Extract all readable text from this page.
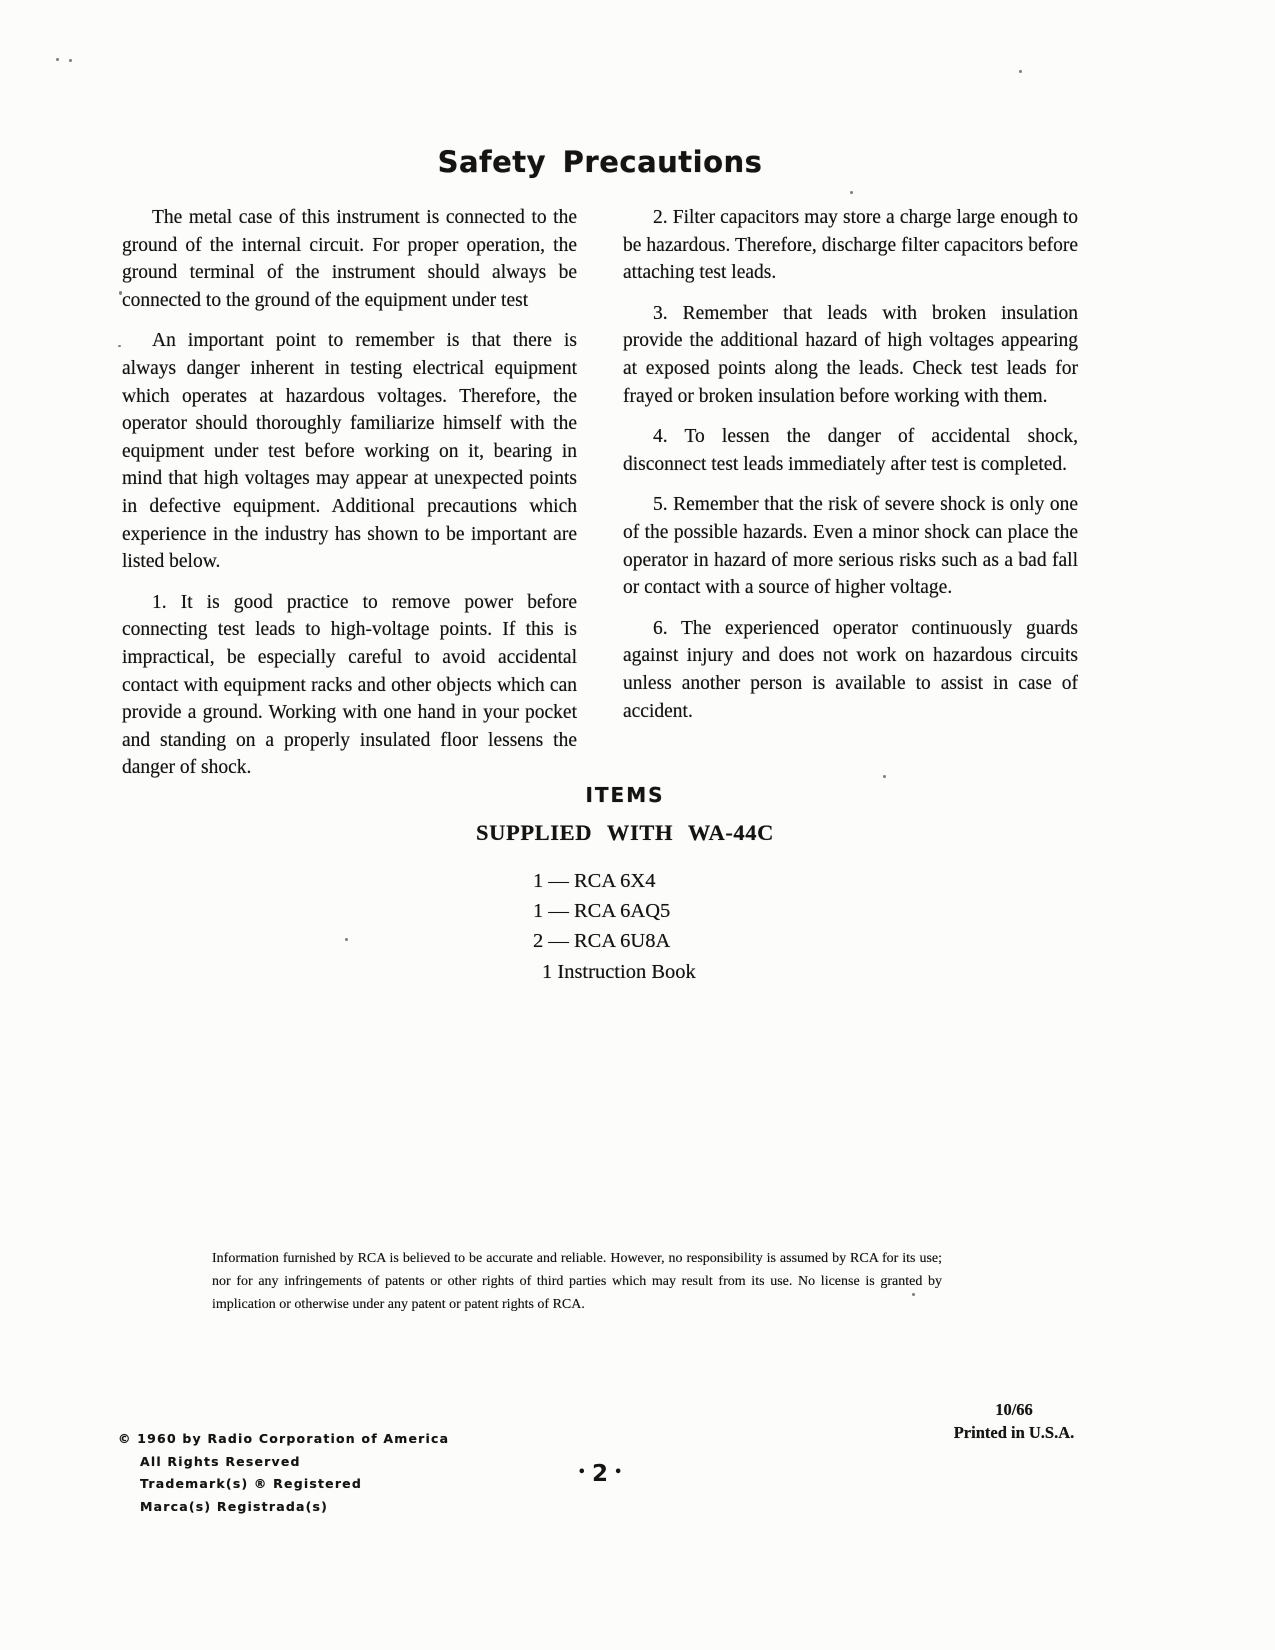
Safety Precautions

The metal case of this instrument is connected to the ground of the internal circuit. For proper operation, the ground terminal of the instrument should always be connected to the ground of the equipment under test

An important point to remember is that there is always danger inherent in testing electrical equipment which operates at hazardous voltages. Therefore, the operator should thoroughly familiarize himself with the equipment under test before working on it, bearing in mind that high voltages may appear at unexpected points in defective equipment. Additional precautions which experience in the industry has shown to be important are listed below.

1. It is good practice to remove power before connecting test leads to high-voltage points. If this is impractical, be especially careful to avoid accidental contact with equipment racks and other objects which can provide a ground. Working with one hand in your pocket and standing on a properly insulated floor lessens the danger of shock.

2. Filter capacitors may store a charge large enough to be hazardous. Therefore, discharge filter capacitors before attaching test leads.

3. Remember that leads with broken insulation provide the additional hazard of high voltages appearing at exposed points along the leads. Check test leads for frayed or broken insulation before working with them.

4. To lessen the danger of accidental shock, disconnect test leads immediately after test is completed.

5. Remember that the risk of severe shock is only one of the possible hazards. Even a minor shock can place the operator in hazard of more serious risks such as a bad fall or contact with a source of higher voltage.

6. The experienced operator continuously guards against injury and does not work on hazardous circuits unless another person is available to assist in case of accident.

ITEMS
SUPPLIED WITH WA-44C
1 — RCA 6X4
1 — RCA 6AQ5
2 — RCA 6U8A
1 Instruction Book
Information furnished by RCA is believed to be accurate and reliable. However, no responsibility is assumed by RCA for its use; nor for any infringements of patents or other rights of third parties which may result from its use. No license is granted by implication or otherwise under any patent or patent rights of RCA.
10/66
Printed in U.S.A.
© 1960 by Radio Corporation of America
All Rights Reserved
Trademark(s) ® Registered
Marca(s) Registrada(s)
• 2 •
